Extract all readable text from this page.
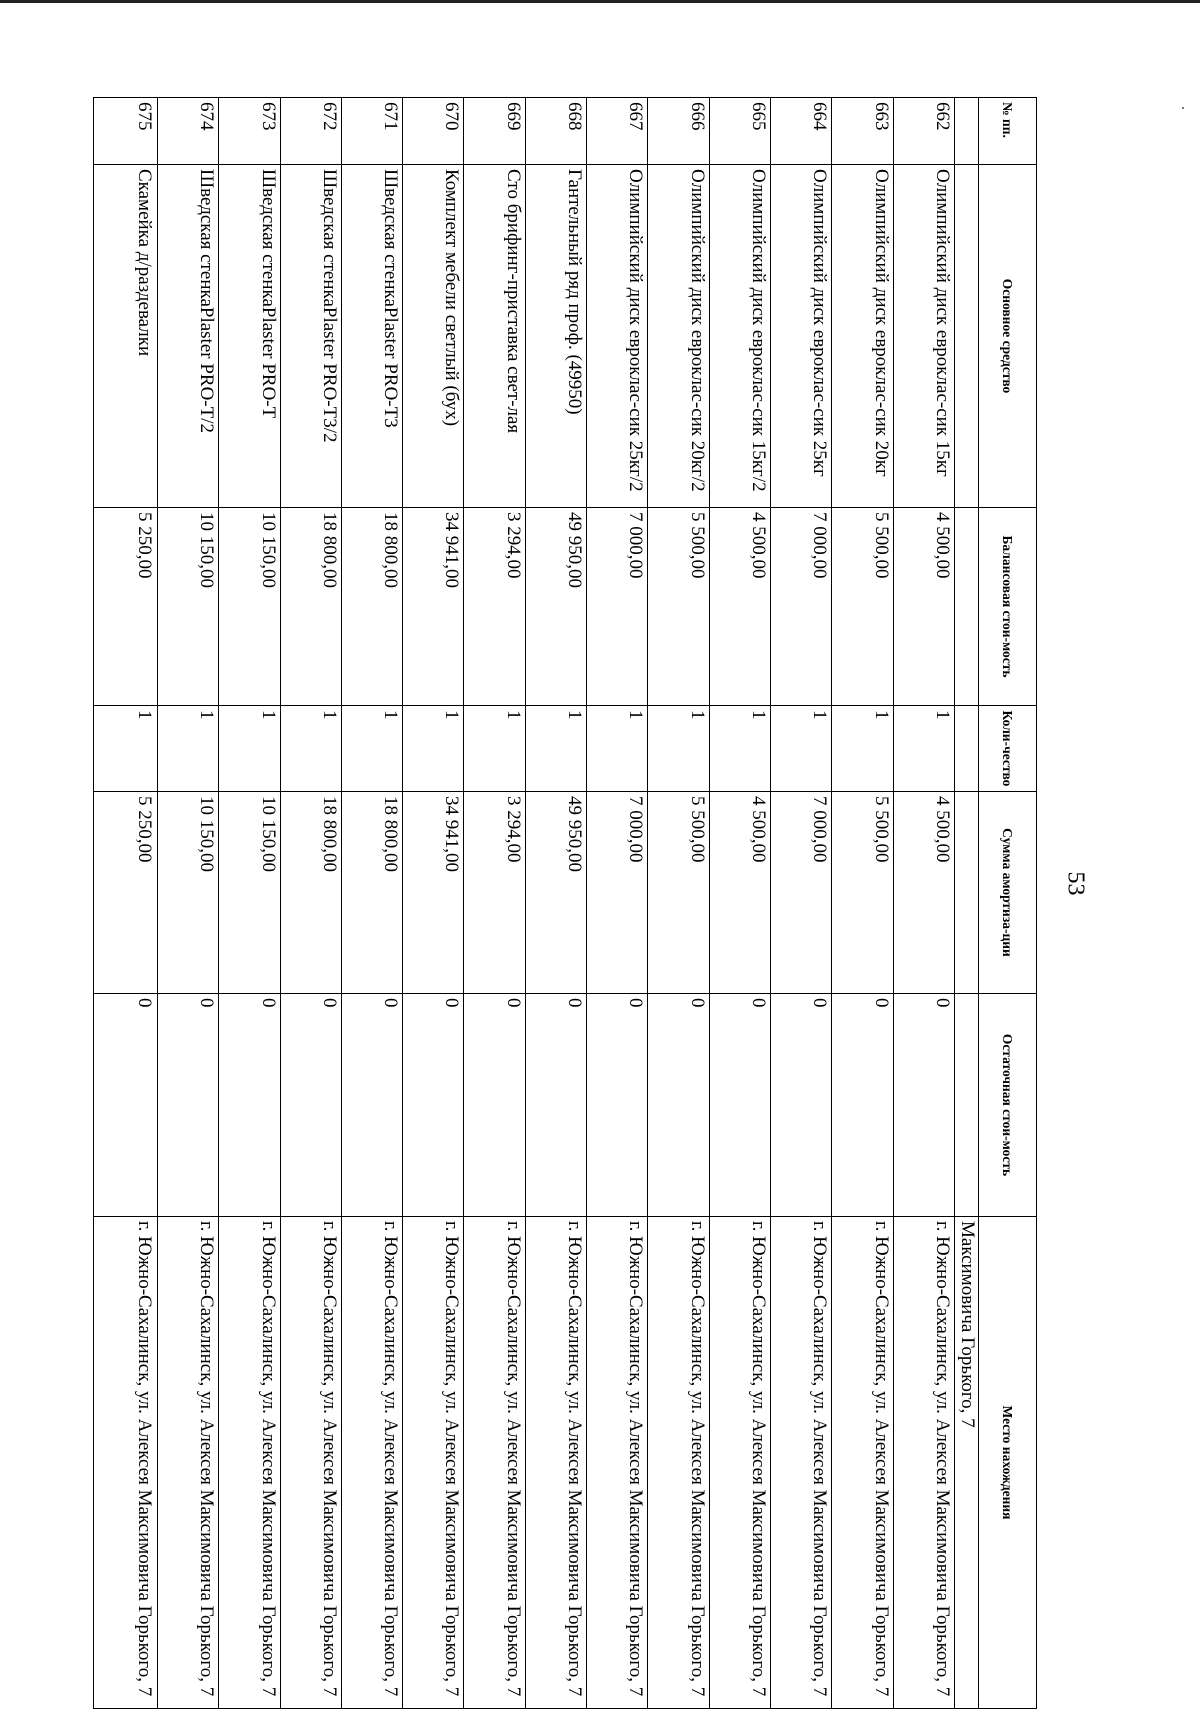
53
№ пп.	Основное средство	Балансовая стои-мость	Коли-чество	Сумма амортиза-ции	Остаточная стои-мость	Место нахождения
						Максимовича Горького, 7
662	Олимпийский диск евроклас-сик 15кг	4 500,00	1	4 500,00	0	г. Южно-Сахалинск, ул. Алексея Максимовича Горького, 7
663	Олимпийский диск евроклас-сик 20кг	5 500,00	1	5 500,00	0	г. Южно-Сахалинск, ул. Алексея Максимовича Горького, 7
664	Олимпийский диск евроклас-сик 25кг	7 000,00	1	7 000,00	0	г. Южно-Сахалинск, ул. Алексея Максимовича Горького, 7
665	Олимпийский диск евроклас-сик 15кг/2	4 500,00	1	4 500,00	0	г. Южно-Сахалинск, ул. Алексея Максимовича Горького, 7
666	Олимпийский диск евроклас-сик 20кг/2	5 500,00	1	5 500,00	0	г. Южно-Сахалинск, ул. Алексея Максимовича Горького, 7
667	Олимпийский диск евроклас-сик 25кг/2	7 000,00	1	7 000,00	0	г. Южно-Сахалинск, ул. Алексея Максимовича Горького, 7
668	Гантельный ряд проф. (49950)	49 950,00	1	49 950,00	0	г. Южно-Сахалинск, ул. Алексея Максимовича Горького, 7
669	Сто брифинг-приставка свет-лая	3 294,00	1	3 294,00	0	г. Южно-Сахалинск, ул. Алексея Максимовича Горького, 7
670	Комплект мебели светлый (бух)	34 941,00	1	34 941,00	0	г. Южно-Сахалинск, ул. Алексея Максимовича Горького, 7
671	Шведская стенкаPlaster PRO-Т3	18 800,00	1	18 800,00	0	г. Южно-Сахалинск, ул. Алексея Максимовича Горького, 7
672	Шведская стенкаPlaster PRO-Т3/2	18 800,00	1	18 800,00	0	г. Южно-Сахалинск, ул. Алексея Максимовича Горького, 7
673	Шведская стенкаPlaster PRO-Т	10 150,00	1	10 150,00	0	г. Южно-Сахалинск, ул. Алексея Максимовича Горького, 7
674	Шведская стенкаPlaster PRO-Т/2	10 150,00	1	10 150,00	0	г. Южно-Сахалинск, ул. Алексея Максимовича Горького, 7
675	Скамейка д/раздевалки	5 250,00	1	5 250,00	0	г. Южно-Сахалинск, ул. Алексея Максимовича Горького, 7
